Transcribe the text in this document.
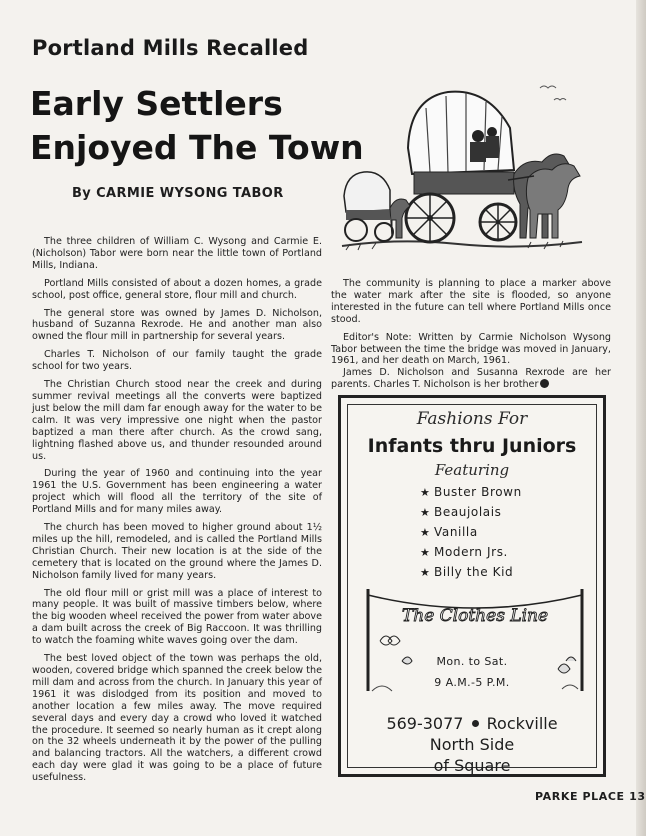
Portland Mills Recalled
Early Settlers
Enjoyed The Town
By CARMIE WYSONG TABOR

The three children of William C. Wysong and Carmie E. (Nicholson) Tabor were born near the little town of Portland Mills, Indiana.

Portland Mills consisted of about a dozen homes, a grade school, post office, general store, flour mill and church.

The general store was owned by James D. Nicholson, husband of Suzanna Rexrode. He and another man also owned the flour mill in partnership for several years.

Charles T. Nicholson of our family taught the grade school for two years.

The Christian Church stood near the creek and during summer revival meetings all the converts were baptized just below the mill dam far enough away for the water to be calm. It was very impressive one night when the pastor baptized a man there after church. As the crowd sang, lightning flashed above us, and thunder resounded around us.

During the year of 1960 and continuing into the year 1961 the U.S. Government has been engineering a water project which will flood all the territory of the site of Portland Mills and for many miles away.

The church has been moved to higher ground about 1½ miles up the hill, remodeled, and is called the Portland Mills Christian Church. Their new location is at the side of the cemetery that is located on the ground where the James D. Nicholson family lived for many years.

The old flour mill or grist mill was a place of interest to many people. It was built of massive timbers below, where the big wooden wheel received the power from water above a dam built across the creek of Big Raccoon. It was thrilling to watch the foaming white waves going over the dam.

The best loved object of the town was perhaps the old, wooden, covered bridge which spanned the creek below the mill dam and across from the church. In January this year of 1961 it was dislodged from its position and moved to another location a few miles away. The move required several days and every day a crowd who loved it watched the procedure. It seemed so nearly human as it crept along on the 32 wheels underneath it by the power of the pulling and balancing tractors. All the watchers, a different crowd each day were glad it was going to be a place of future usefulness.

The community is planning to place a marker above the water mark after the site is flooded, so anyone interested in the future can tell where Portland Mills once stood.

Editor's Note: Written by Carmie Nicholson Wysong Tabor between the time the bridge was moved in January, 1961, and her death on March, 1961.

James D. Nicholson and Susanna Rexrode are her parents. Charles T. Nicholson is her brother

Fashions For
Infants thru Juniors
Featuring
★ Buster Brown
★ Beaujolais
★ Vanilla
★ Modern Jrs.
★ Billy the Kid
The Clothes Line
Mon. to Sat.
9 A.M.-5 P.M.
569-3077 Rockville
North Side
of Square
PARKE PLACE 13
